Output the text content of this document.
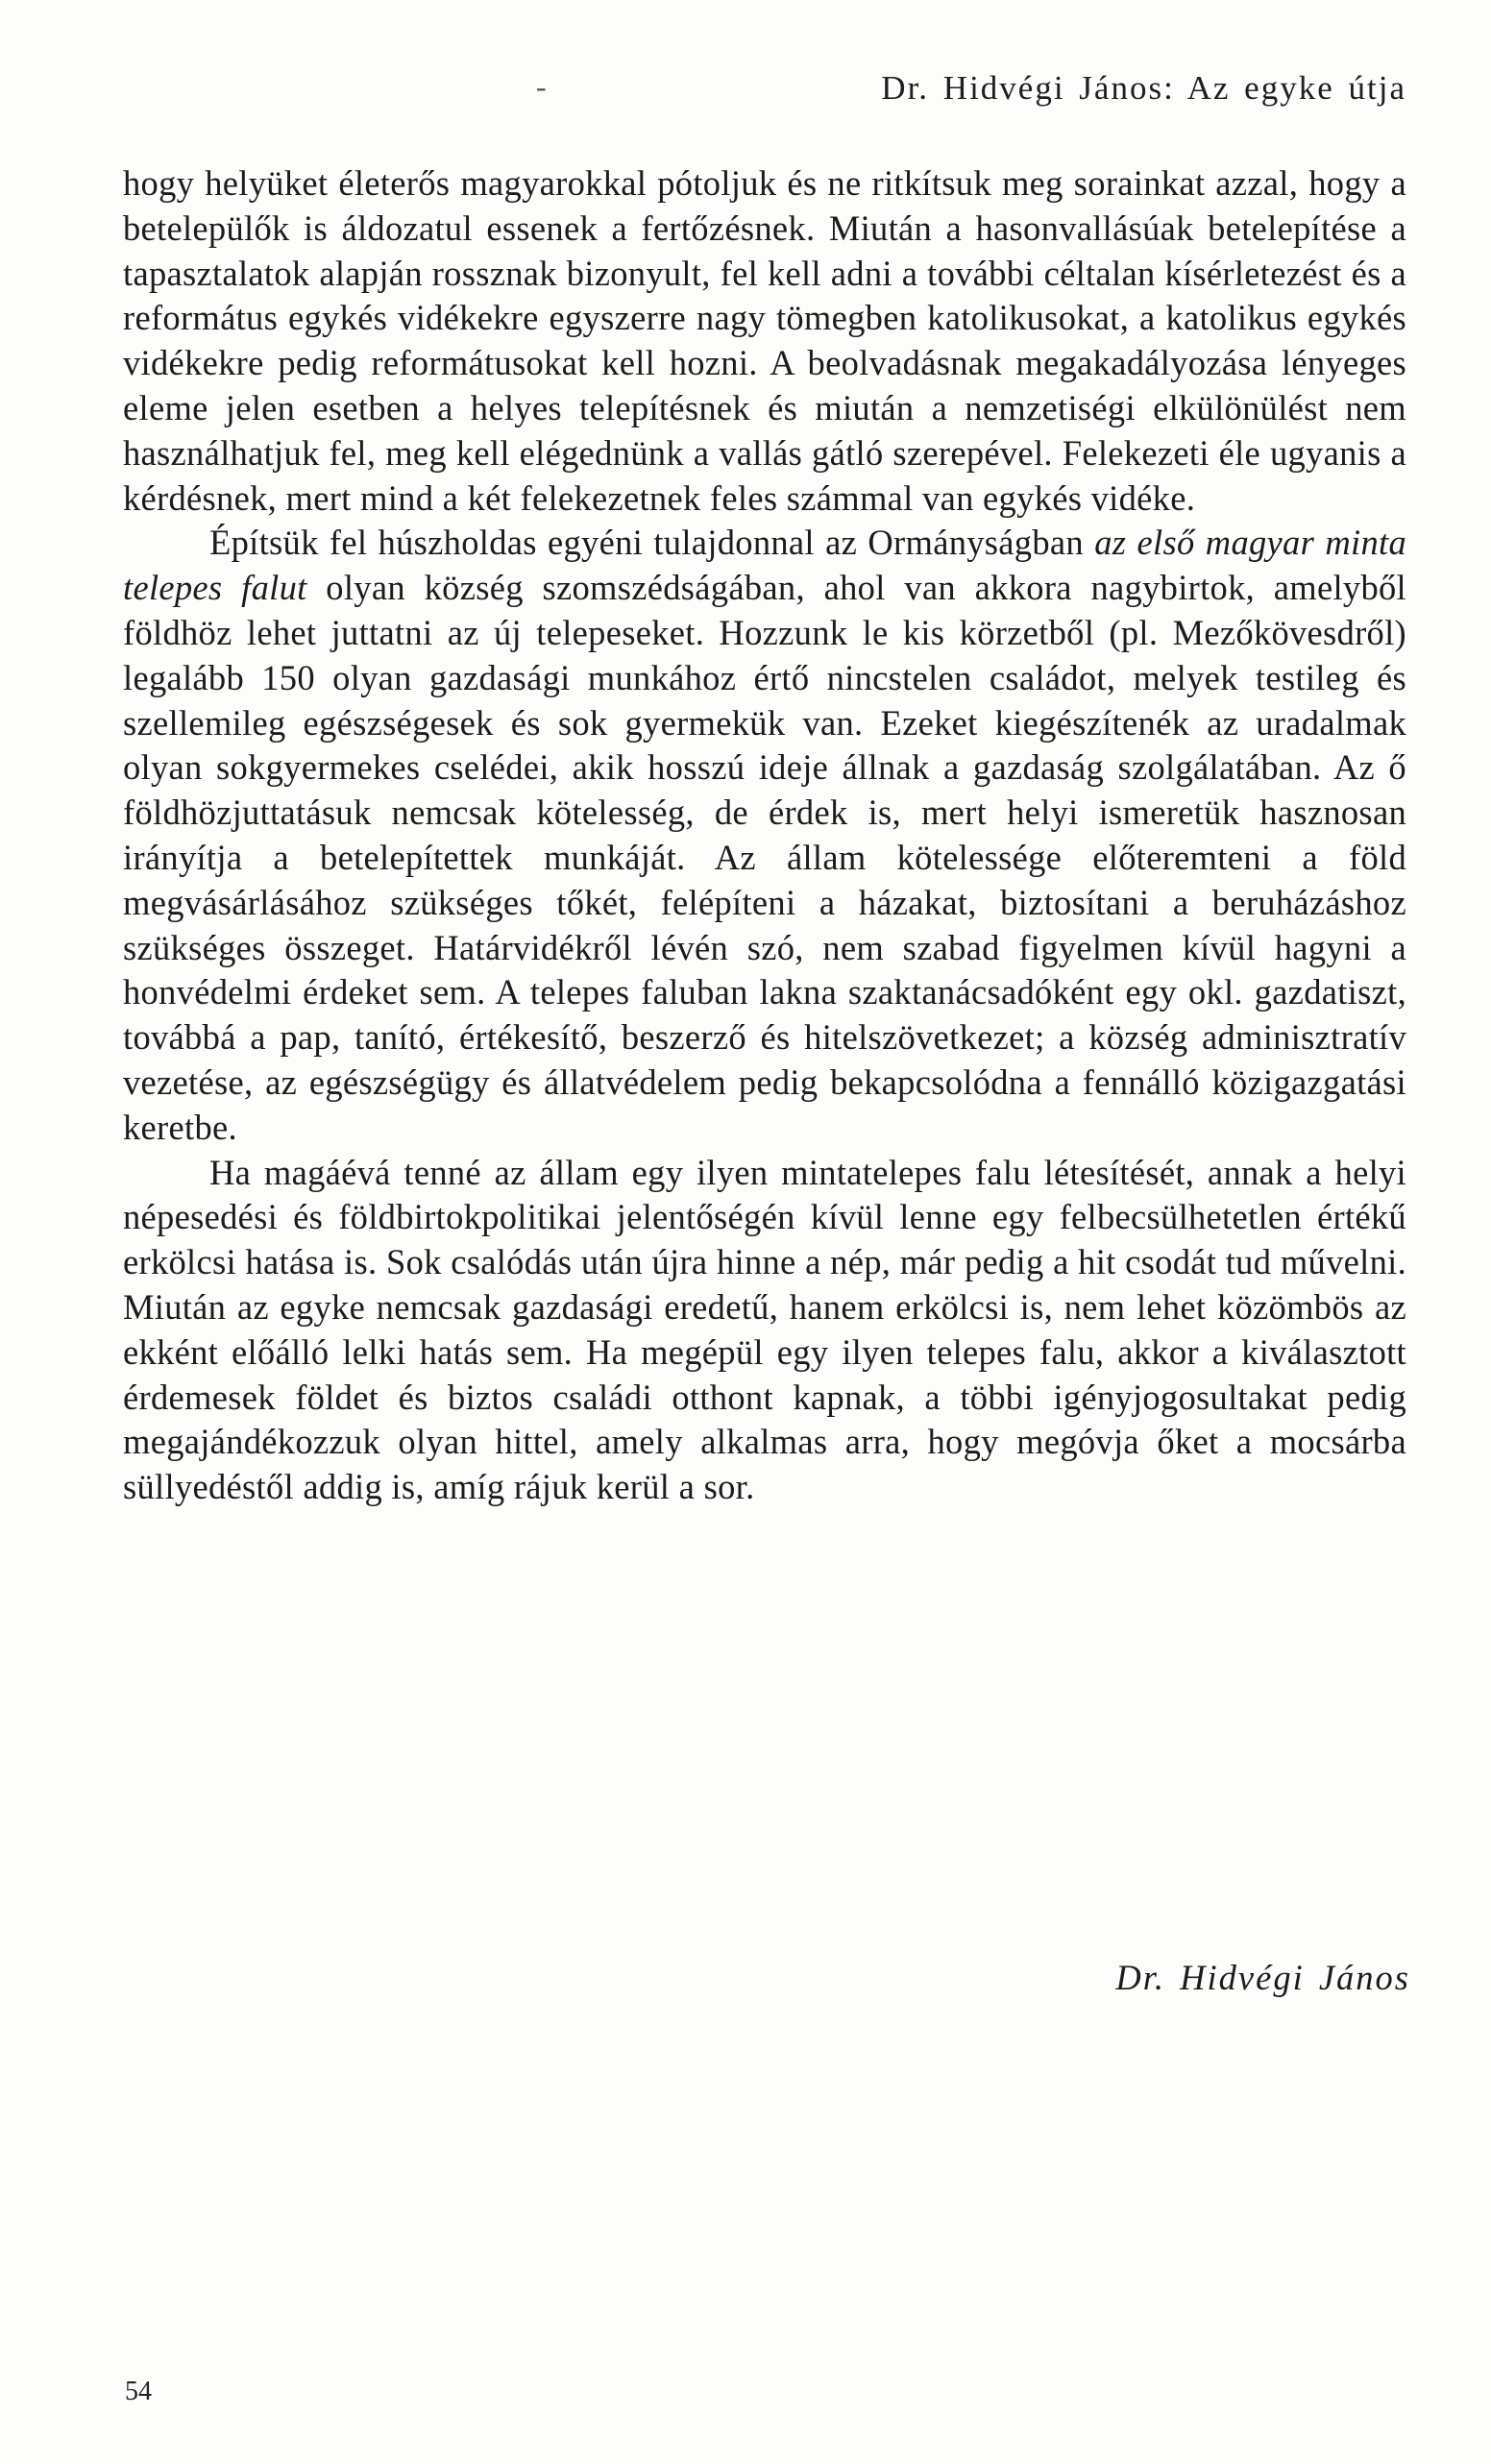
-	Dr. Hidvégi János: Az egyke útja

hogy helyüket életerős magyarokkal pótoljuk és ne ritkítsuk meg sorainkat azzal, hogy a betelepülők is áldozatul essenek a fertőzésnek. Miután a hasonvallásúak betelepítése a tapasztalatok alapján rossznak bizonyult, fel kell adni a további céltalan kísérletezést és a református egykés vidékekre egyszerre nagy tömegben katolikusokat, a katolikus egykés vidékekre pedig reformátusokat kell hozni. A beolvadásnak megakadályozása lényeges eleme jelen esetben a helyes telepítésnek és miután a nemzetiségi elkülönülést nem használhatjuk fel, meg kell elégednünk a vallás gátló szerepével. Felekezeti éle ugyanis a kérdésnek, mert mind a két felekezetnek feles számmal van egykés vidéke.

Építsük fel húszholdas egyéni tulajdonnal az Ormányságban az első magyar minta telepes falut olyan község szomszédságában, ahol van akkora nagybirtok, amelyből földhöz lehet juttatni az új telepeseket. Hozzunk le kis körzetből (pl. Mezőkövesdről) legalább 150 olyan gazdasági munkához értő nincstelen családot, melyek testileg és szellemileg egészségesek és sok gyermekük van. Ezeket kiegészítenék az uradalmak olyan sokgyermekes cselédei, akik hosszú ideje állnak a gazdaság szolgálatában. Az ő földhözjuttatásuk nemcsak kötelesség, de érdek is, mert helyi ismeretük hasznosan irányítja a betelepítettek munkáját. Az állam kötelessége előteremteni a föld megvásárlásához szükséges tőkét, felépíteni a házakat, biztosítani a beruházáshoz szükséges összeget. Határvidékről lévén szó, nem szabad figyelmen kívül hagyni a honvédelmi érdeket sem. A telepes faluban lakna szaktanácsadóként egy okl. gazdatiszt, továbbá a pap, tanító, értékesítő, beszerző és hitelszövetkezet; a község adminisztratív vezetése, az egészségügy és állatvédelem pedig bekapcsolódna a fennálló közigazgatási keretbe.

Ha magáévá tenné az állam egy ilyen mintatelepes falu létesítését, annak a helyi népesedési és földbirtokpolitikai jelentőségén kívül lenne egy felbecsülhetetlen értékű erkölcsi hatása is. Sok csalódás után újra hinne a nép, már pedig a hit csodát tud művelni. Miután az egyke nemcsak gazdasági eredetű, hanem erkölcsi is, nem lehet közömbös az ekként előálló lelki hatás sem. Ha megépül egy ilyen telepes falu, akkor a kiválasztott érdemesek földet és biztos családi otthont kapnak, a többi igényjogosultakat pedig megajándékozzuk olyan hittel, amely alkalmas arra, hogy megóvja őket a mocsárba süllyedéstől addig is, amíg rájuk kerül a sor.

Dr. Hidvégi János
54
